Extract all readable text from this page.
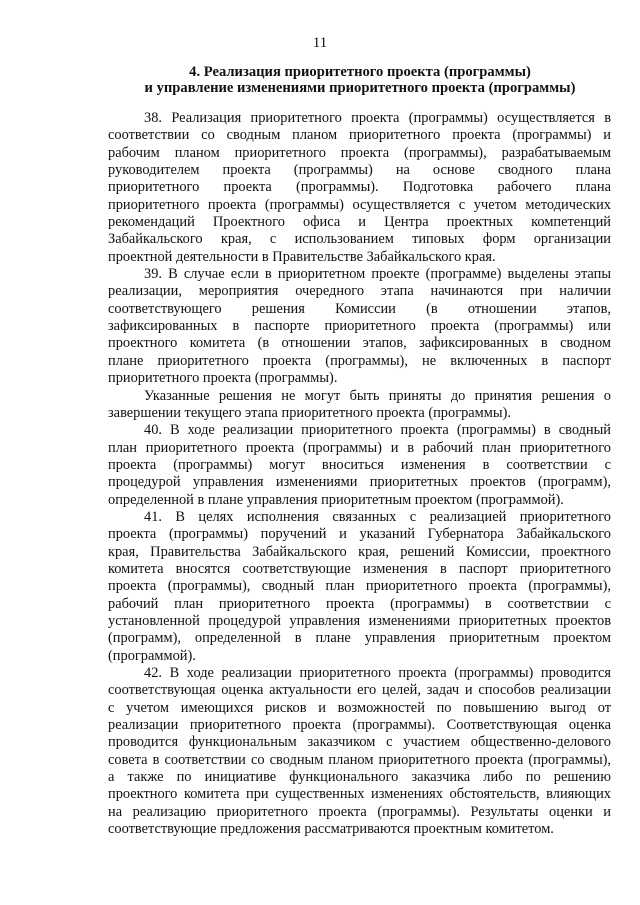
11
4. Реализация приоритетного проекта (программы)
и управление изменениями приоритетного проекта (программы)
38. Реализация приоритетного проекта (программы) осуществляется в
соответствии со сводным планом приоритетного проекта (программы) и
рабочим планом приоритетного проекта (программы), разрабатываемым
руководителем проекта (программы) на основе сводного плана
приоритетного проекта (программы). Подготовка рабочего плана
приоритетного проекта (программы) осуществляется с учетом методических
рекомендаций Проектного офиса и Центра проектных компетенций
Забайкальского края, с использованием типовых форм организации
проектной деятельности в Правительстве Забайкальского края.
39. В случае если в приоритетном проекте (программе) выделены этапы
реализации, мероприятия очередного этапа начинаются при наличии
соответствующего решения Комиссии (в отношении этапов,
зафиксированных в паспорте приоритетного проекта (программы) или
проектного комитета (в отношении этапов, зафиксированных в сводном
плане приоритетного проекта (программы), не включенных в паспорт
приоритетного проекта (программы).
Указанные решения не могут быть приняты до принятия решения о
завершении текущего этапа приоритетного проекта (программы).
40. В ходе реализации приоритетного проекта (программы) в сводный
план приоритетного проекта (программы) и в рабочий план приоритетного
проекта (программы) могут вноситься изменения в соответствии с
процедурой управления изменениями приоритетных проектов (программ),
определенной в плане управления приоритетным проектом (программой).
41. В целях исполнения связанных с реализацией приоритетного
проекта (программы) поручений и указаний Губернатора Забайкальского
края, Правительства Забайкальского края, решений Комиссии, проектного
комитета вносятся соответствующие изменения в паспорт приоритетного
проекта (программы), сводный план приоритетного проекта (программы),
рабочий план приоритетного проекта (программы) в соответствии с
установленной процедурой управления изменениями приоритетных проектов
(программ), определенной в плане управления приоритетным проектом
(программой).
42. В ходе реализации приоритетного проекта (программы) проводится
соответствующая оценка актуальности его целей, задач и способов реализации
с учетом имеющихся рисков и возможностей по повышению выгод от
реализации приоритетного проекта (программы). Соответствующая оценка
проводится функциональным заказчиком с участием общественно-делового
совета в соответствии со сводным планом приоритетного проекта (программы),
а также по инициативе функционального заказчика либо по решению
проектного комитета при существенных изменениях обстоятельств, влияющих
на реализацию приоритетного проекта (программы). Результаты оценки и
соответствующие предложения рассматриваются проектным комитетом.
